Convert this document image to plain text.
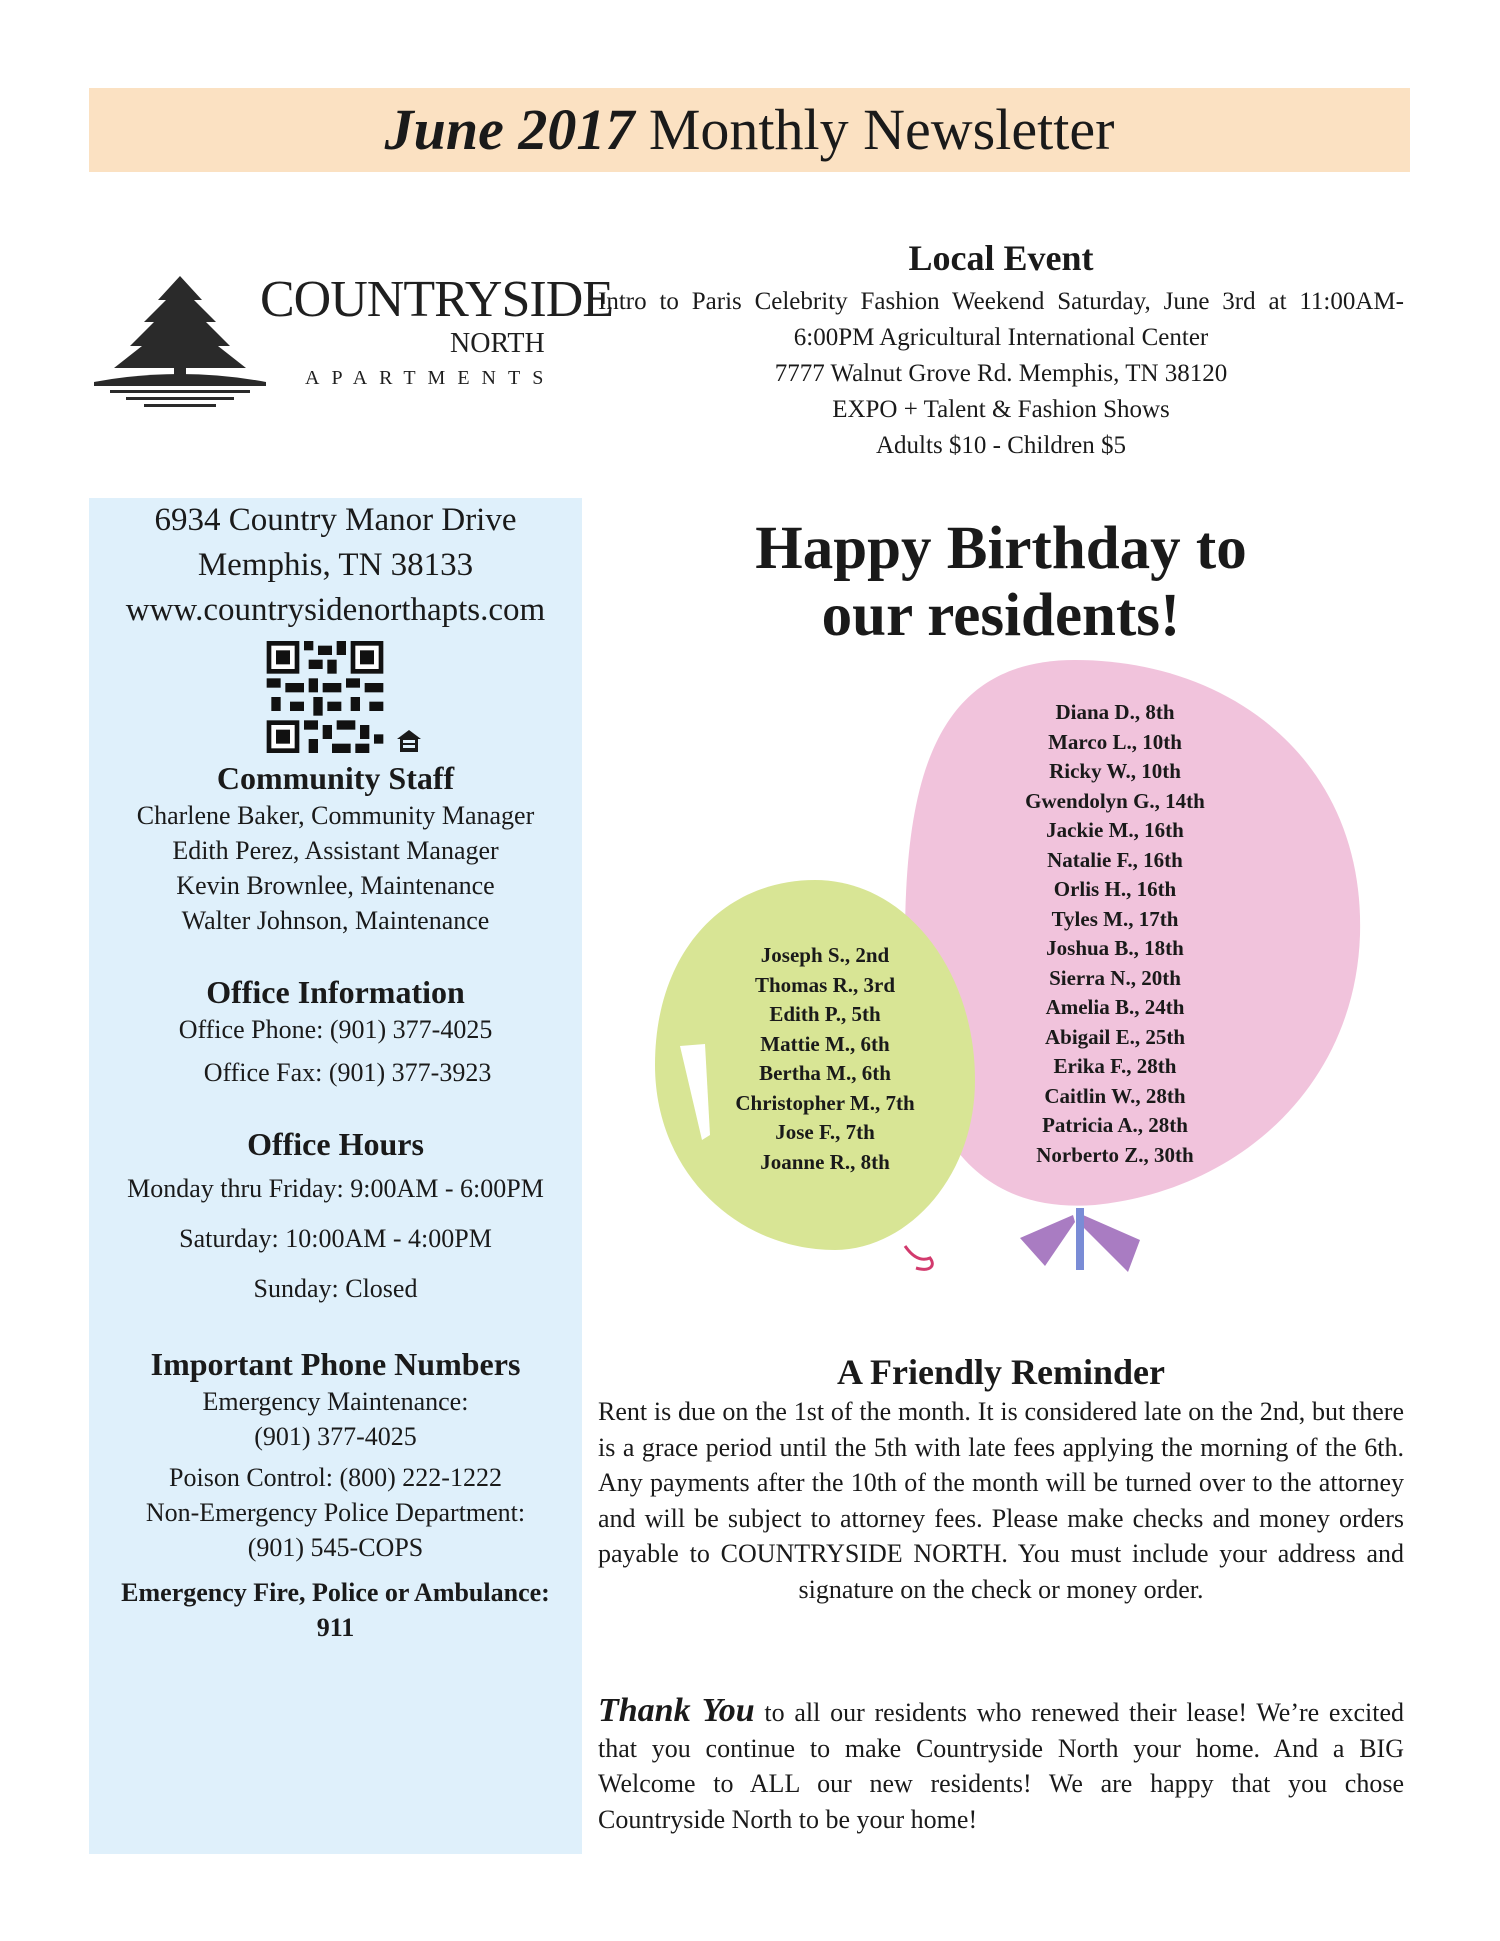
June 2017 Monthly Newsletter
COUNTRYSIDE
NORTH
APARTMENTS
Local Event
Intro to Paris Celebrity Fashion Weekend Saturday, June 3rd at 11:00AM-6:00PM Agricultural International Center
7777 Walnut Grove Rd. Memphis, TN 38120
EXPO + Talent & Fashion Shows
Adults $10 - Children $5
6934 Country Manor Drive
Memphis, TN 38133
www.countrysidenorthapts.com
Community Staff

Charlene Baker, Community Manager

Edith Perez, Assistant Manager

Kevin Brownlee, Maintenance

Walter Johnson, Maintenance

Office Information

Office Phone: (901) 377-4025

Office Fax: (901) 377-3923

Office Hours

Monday thru Friday: 9:00AM - 6:00PM

Saturday: 10:00AM - 4:00PM

Sunday: Closed

Important Phone Numbers

Emergency Maintenance:

(901) 377-4025

Poison Control: (800) 222-1222

Non-Emergency Police Department:

(901) 545-COPS

Emergency Fire, Police or Ambulance:

911

Happy Birthday to
our residents!
Diana D., 8th
Marco L., 10th
Ricky W., 10th
Gwendolyn G., 14th
Jackie M., 16th
Natalie F., 16th
Orlis H., 16th
Tyles M., 17th
Joshua B., 18th
Sierra N., 20th
Amelia B., 24th
Abigail E., 25th
Erika F., 28th
Caitlin W., 28th
Patricia A., 28th
Norberto Z., 30th
Joseph S., 2nd
Thomas R., 3rd
Edith P., 5th
Mattie M., 6th
Bertha M., 6th
Christopher M., 7th
Jose F., 7th
Joanne R., 8th
A Friendly Reminder

Rent is due on the 1st of the month. It is considered late on the 2nd, but there is a grace period until the 5th with late fees applying the morning of the 6th. Any payments after the 10th of the month will be turned over to the attorney and will be subject to attorney fees. Please make checks and money orders payable to COUNTRYSIDE NORTH. You must include your address and signature on the check or money order.

Thank You to all our residents who renewed their lease! We’re excited that you continue to make Countryside North your home. And a BIG Welcome to ALL our new residents! We are happy that you chose Countryside North to be your home!
